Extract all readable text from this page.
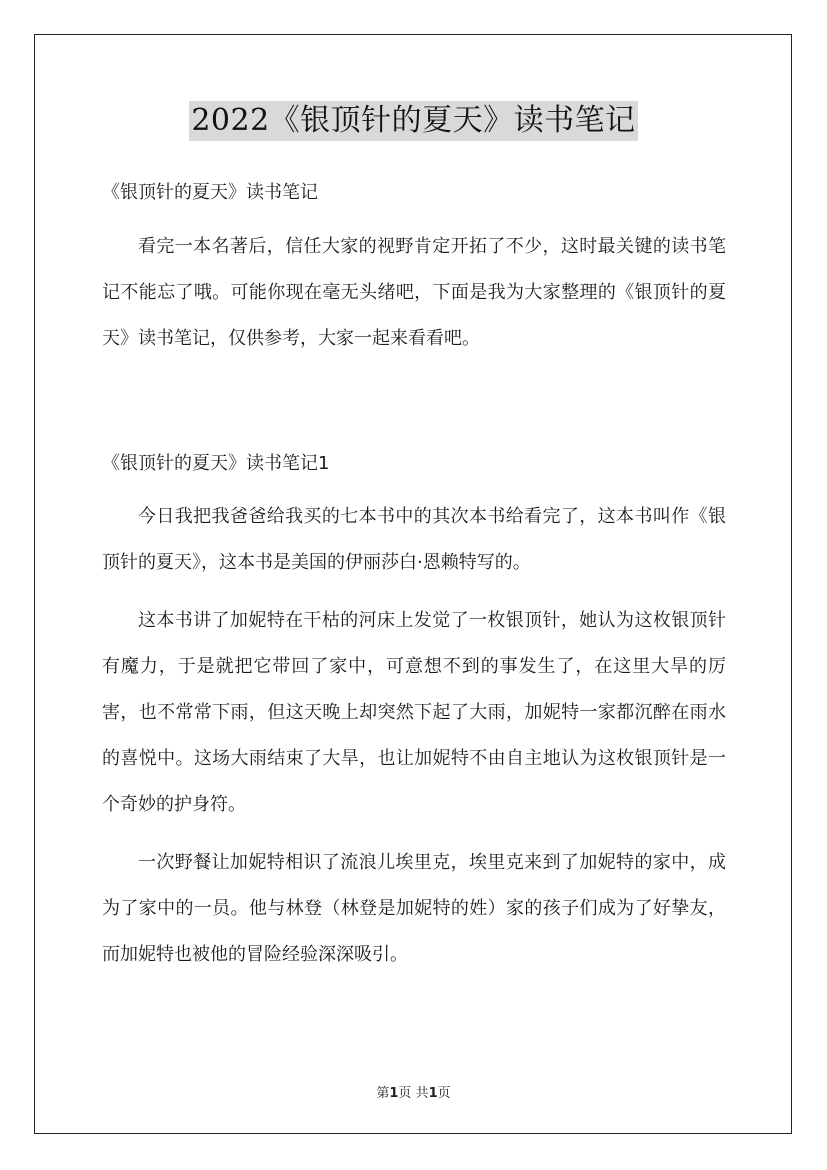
2022《银顶针的夏天》读书笔记
《银顶针的夏天》读书笔记

看完一本名著后，信任大家的视野肯定开拓了不少，这时最关键的读书笔记不能忘了哦。可能你现在毫无头绪吧，下面是我为大家整理的《银顶针的夏天》读书笔记，仅供参考，大家一起来看看吧。

《银顶针的夏天》读书笔记1

今日我把我爸爸给我买的七本书中的其次本书给看完了，这本书叫作《银顶针的夏天》，这本书是美国的伊丽莎白·恩赖特写的。

这本书讲了加妮特在干枯的河床上发觉了一枚银顶针，她认为这枚银顶针有魔力，于是就把它带回了家中，可意想不到的事发生了，在这里大旱的厉害，也不常常下雨，但这天晚上却突然下起了大雨，加妮特一家都沉醉在雨水的喜悦中。这场大雨结束了大旱，也让加妮特不由自主地认为这枚银顶针是一个奇妙的护身符。

一次野餐让加妮特相识了流浪儿埃里克，埃里克来到了加妮特的家中，成为了家中的一员。他与林登（林登是加妮特的姓）家的孩子们成为了好挚友，而加妮特也被他的冒险经验深深吸引。

第1页 共1页
